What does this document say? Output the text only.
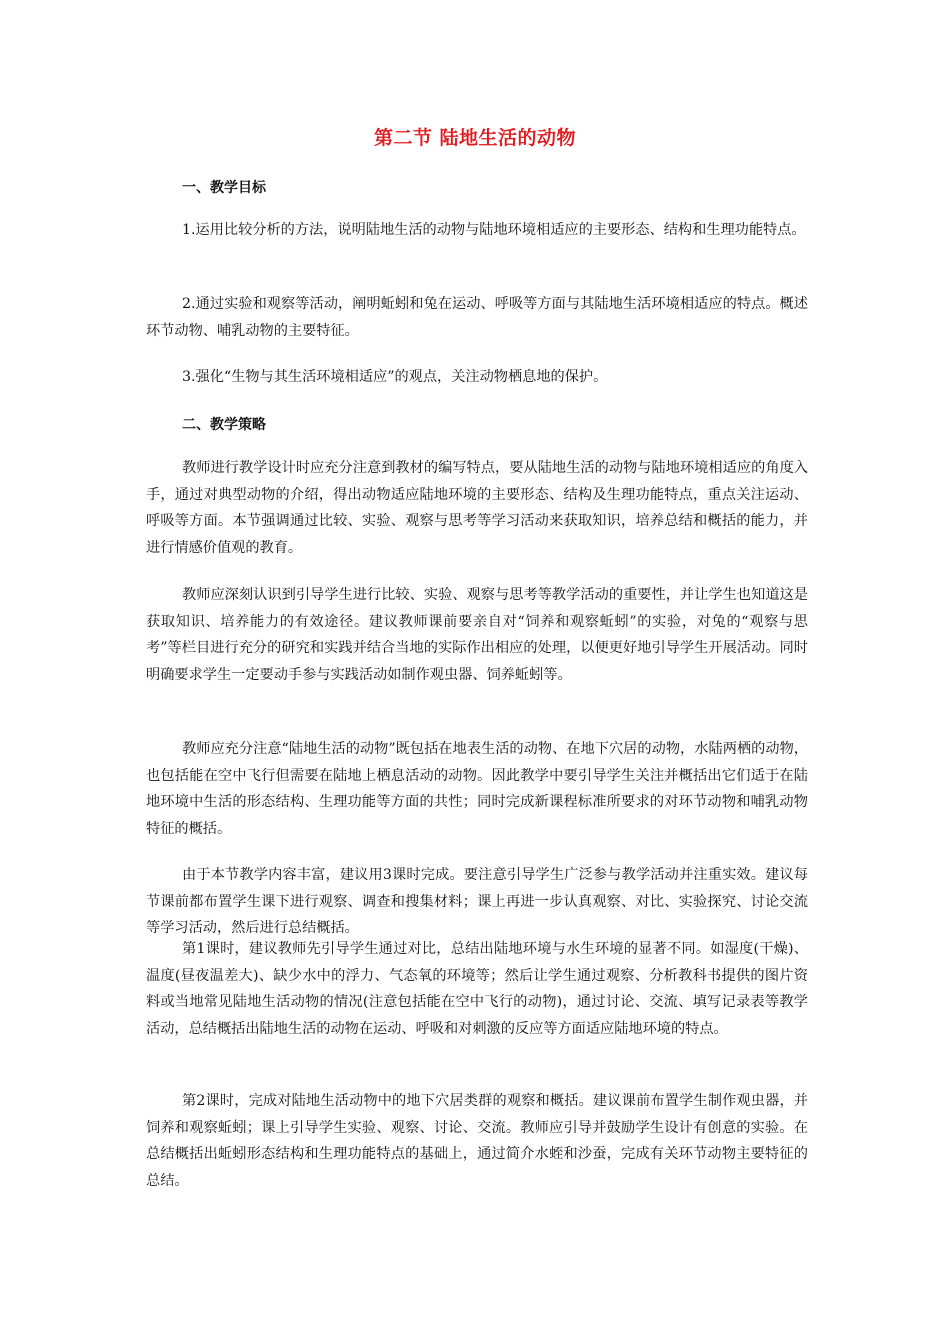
第二节 陆地生活的动物
一、教学目标

1.运用比较分析的方法，说明陆地生活的动物与陆地环境相适应的主要形态、结构和生理功能特点。

2.通过实验和观察等活动，阐明蚯蚓和兔在运动、呼吸等方面与其陆地生活环境相适应的特点。概述环节动物、哺乳动物的主要特征。

3.强化“生物与其生活环境相适应”的观点，关注动物栖息地的保护。

二、教学策略

教师进行教学设计时应充分注意到教材的编写特点，要从陆地生活的动物与陆地环境相适应的角度入手，通过对典型动物的介绍，得出动物适应陆地环境的主要形态、结构及生理功能特点，重点关注运动、呼吸等方面。本节强调通过比较、实验、观察与思考等学习活动来获取知识，培养总结和概括的能力，并进行情感价值观的教育。

教师应深刻认识到引导学生进行比较、实验、观察与思考等教学活动的重要性，并让学生也知道这是获取知识、培养能力的有效途径。建议教师课前要亲自对“饲养和观察蚯蚓”的实验，对兔的“观察与思考”等栏目进行充分的研究和实践并结合当地的实际作出相应的处理，以便更好地引导学生开展活动。同时明确要求学生一定要动手参与实践活动如制作观虫器、饲养蚯蚓等。

教师应充分注意“陆地生活的动物”既包括在地表生活的动物、在地下穴居的动物，水陆两栖的动物，也包括能在空中飞行但需要在陆地上栖息活动的动物。因此教学中要引导学生关注并概括出它们适于在陆地环境中生活的形态结构、生理功能等方面的共性；同时完成新课程标准所要求的对环节动物和哺乳动物特征的概括。

由于本节教学内容丰富，建议用3课时完成。要注意引导学生广泛参与教学活动并注重实效。建议每节课前都布置学生课下进行观察、调查和搜集材料；课上再进一步认真观察、对比、实验探究、讨论交流等学习活动，然后进行总结概括。

第1课时，建议教师先引导学生通过对比，总结出陆地环境与水生环境的显著不同。如湿度(干燥)、温度(昼夜温差大)、缺少水中的浮力、气态氧的环境等；然后让学生通过观察、分析教科书提供的图片资料或当地常见陆地生活动物的情况(注意包括能在空中飞行的动物)，通过讨论、交流、填写记录表等教学活动，总结概括出陆地生活的动物在运动、呼吸和对刺激的反应等方面适应陆地环境的特点。

第2课时，完成对陆地生活动物中的地下穴居类群的观察和概括。建议课前布置学生制作观虫器，并饲养和观察蚯蚓；课上引导学生实验、观察、讨论、交流。教师应引导并鼓励学生设计有创意的实验。在总结概括出蚯蚓形态结构和生理功能特点的基础上，通过简介水蛭和沙蚕，完成有关环节动物主要特征的总结。
